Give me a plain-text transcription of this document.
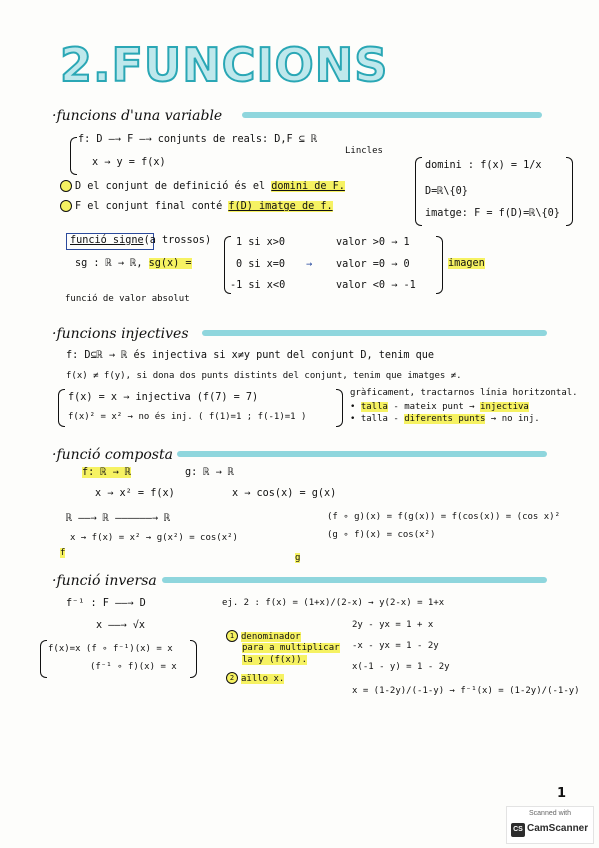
2.FUNCIONS
·funcions d'una variable
f: D —→ F —→ conjunts de reals: D,F ⊆ ℝ
Lincles
x → y = f(x)
D el conjunt de definició és el domini de F.
F el conjunt final conté f(D) imatge de f.
domini : f(x) = 1/x
D=ℝ\{0}
imatge: F = f(D)=ℝ\{0}
funció signe(a trossos)
sg : ℝ → ℝ, sg(x) =
1 si x>0
0 si x=0
-1 si x<0
→
valor >0 → 1
valor =0 → 0
valor <0 → -1
imagen
funció de valor absolut
·funcions injectives
f: D⊆ℝ → ℝ és injectiva si x≠y punt del conjunt D, tenim que
f(x) ≠ f(y), si dona dos punts distints del conjunt, tenim que imatges ≠.
f(x) = x → injectiva (f(7) = 7)
f(x)² = x² → no és inj. ( f(1)=1 ; f(-1)=1 )
gràficament, tractarnos línia horitzontal.
• talla - mateix punt → injectiva
• talla - diferents punts → no inj.
·funció composta
f: ℝ → ℝ
x → x² = f(x)
g: ℝ → ℝ
x → cos(x) = g(x)
ℝ ——→ ℝ ——————→ ℝ
x → f(x) = x² → g(x²) = cos(x²)
f	g
(f ∘ g)(x) = f(g(x)) = f(cos(x)) = (cos x)²
(g ∘ f)(x) = cos(x²)
·funció inversa
f⁻¹ : F ——→ D
x ——→ √x
f(x)=x (f ∘ f⁻¹)(x) = x
(f⁻¹ ∘ f)(x) = x
ej. 2 : f(x) = (1+x)/(2-x) → y(2-x) = 1+x
2y - yx = 1 + x
-x - yx = 1 - 2y
x(-1 - y) = 1 - 2y
x = (1-2y)/(-1-y) → f⁻¹(x) = (1-2y)/(-1-y)
1 denominador
para a multiplicar
la y (f(x)).
2 aïllo x.
1
Scanned with
CS CamScanner
